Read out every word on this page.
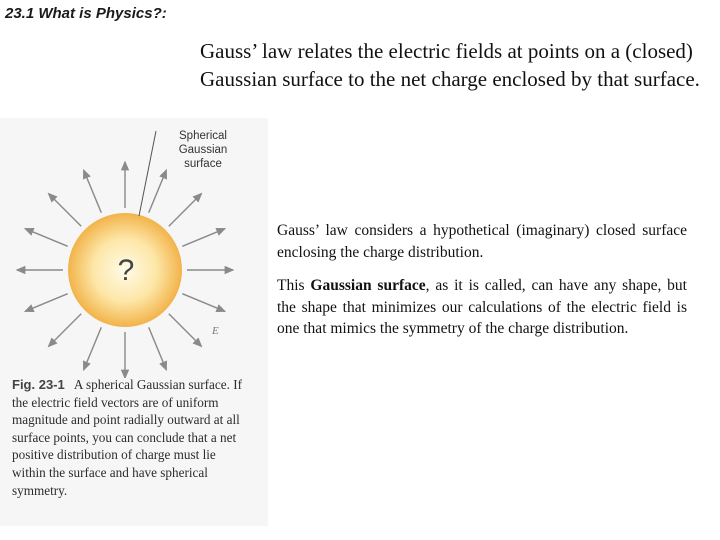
23.1 What is Physics?:
Gauss’ law relates the electric fields at points on a (closed) Gaussian surface to the net charge enclosed by that surface.
?
E
Spherical
Gaussian
surface
Fig. 23-1 A spherical Gaussian surface. If the electric field vectors are of uniform magnitude and point radially outward at all surface points, you can conclude that a net positive distribution of charge must lie within the surface and have spherical symmetry.

Gauss’ law considers a hypothetical (imaginary) closed surface enclosing the charge distribution.

This Gaussian surface, as it is called, can have any shape, but the shape that minimizes our calculations of the electric field is one that mimics the symmetry of the charge distribution.
